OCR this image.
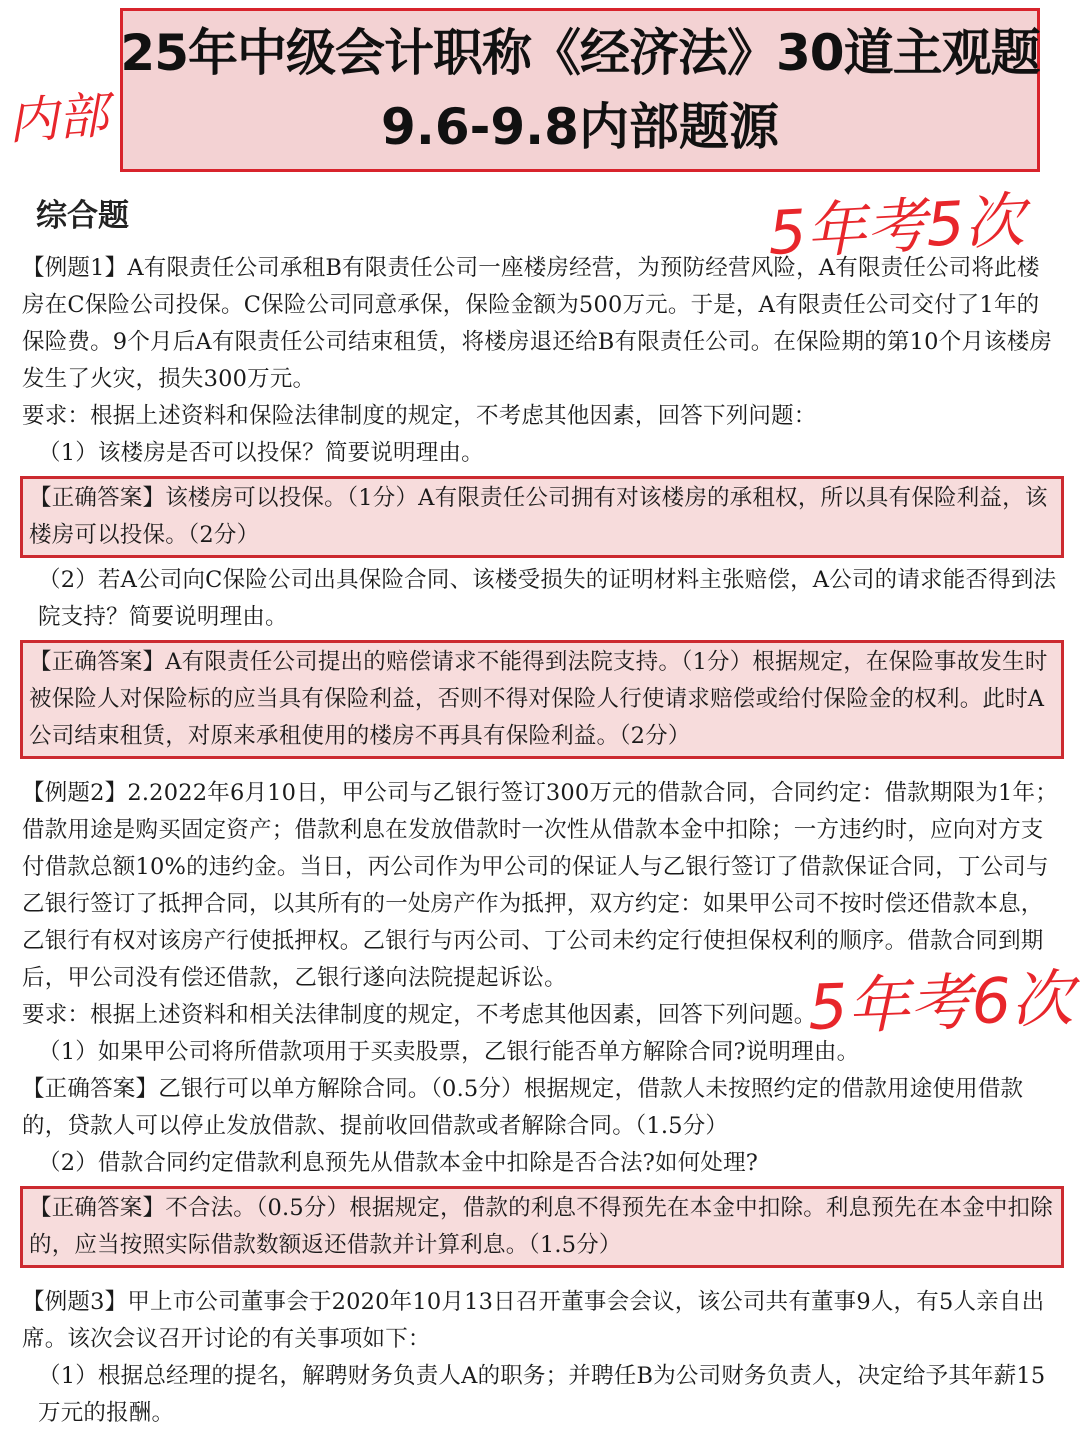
25年中级会计职称《经济法》30道主观题
9.6-9.8内部题源
内部
5年考5次
5年考6次
综合题

【例题1】A有限责任公司承租B有限责任公司一座楼房经营，为预防经营风险，A有限责任公司将此楼房在C保险公司投保。C保险公司同意承保，保险金额为500万元。于是，A有限责任公司交付了1年的保险费。9个月后A有限责任公司结束租赁，将楼房退还给B有限责任公司。在保险期的第10个月该楼房发生了火灾，损失300万元。

要求：根据上述资料和保险法律制度的规定，不考虑其他因素，回答下列问题：

（1）该楼房是否可以投保？简要说明理由。

【正确答案】该楼房可以投保。（1分）A有限责任公司拥有对该楼房的承租权，所以具有保险利益，该楼房可以投保。（2分）

（2）若A公司向C保险公司出具保险合同、该楼受损失的证明材料主张赔偿，A公司的请求能否得到法院支持？简要说明理由。

【正确答案】A有限责任公司提出的赔偿请求不能得到法院支持。（1分）根据规定，在保险事故发生时被保险人对保险标的应当具有保险利益，否则不得对保险人行使请求赔偿或给付保险金的权利。此时A公司结束租赁，对原来承租使用的楼房不再具有保险利益。（2分）

【例题2】2.2022年6月10日，甲公司与乙银行签订300万元的借款合同，合同约定：借款期限为1年；借款用途是购买固定资产；借款利息在发放借款时一次性从借款本金中扣除；一方违约时，应向对方支付借款总额10%的违约金。当日，丙公司作为甲公司的保证人与乙银行签订了借款保证合同，丁公司与乙银行签订了抵押合同，以其所有的一处房产作为抵押，双方约定：如果甲公司不按时偿还借款本息，乙银行有权对该房产行使抵押权。乙银行与丙公司、丁公司未约定行使担保权利的顺序。借款合同到期后，甲公司没有偿还借款，乙银行遂向法院提起诉讼。

要求：根据上述资料和相关法律制度的规定，不考虑其他因素，回答下列问题。

（1）如果甲公司将所借款项用于买卖股票，乙银行能否单方解除合同?说明理由。

【正确答案】乙银行可以单方解除合同。（0.5分）根据规定，借款人未按照约定的借款用途使用借款的，贷款人可以停止发放借款、提前收回借款或者解除合同。（1.5分）

（2）借款合同约定借款利息预先从借款本金中扣除是否合法?如何处理?

【正确答案】不合法。（0.5分）根据规定，借款的利息不得预先在本金中扣除。利息预先在本金中扣除的，应当按照实际借款数额返还借款并计算利息。（1.5分）

【例题3】甲上市公司董事会于2020年10月13日召开董事会会议，该公司共有董事9人，有5人亲自出席。该次会议召开讨论的有关事项如下：

（1）根据总经理的提名，解聘财务负责人A的职务；并聘任B为公司财务负责人，决定给予其年薪15万元的报酬。
